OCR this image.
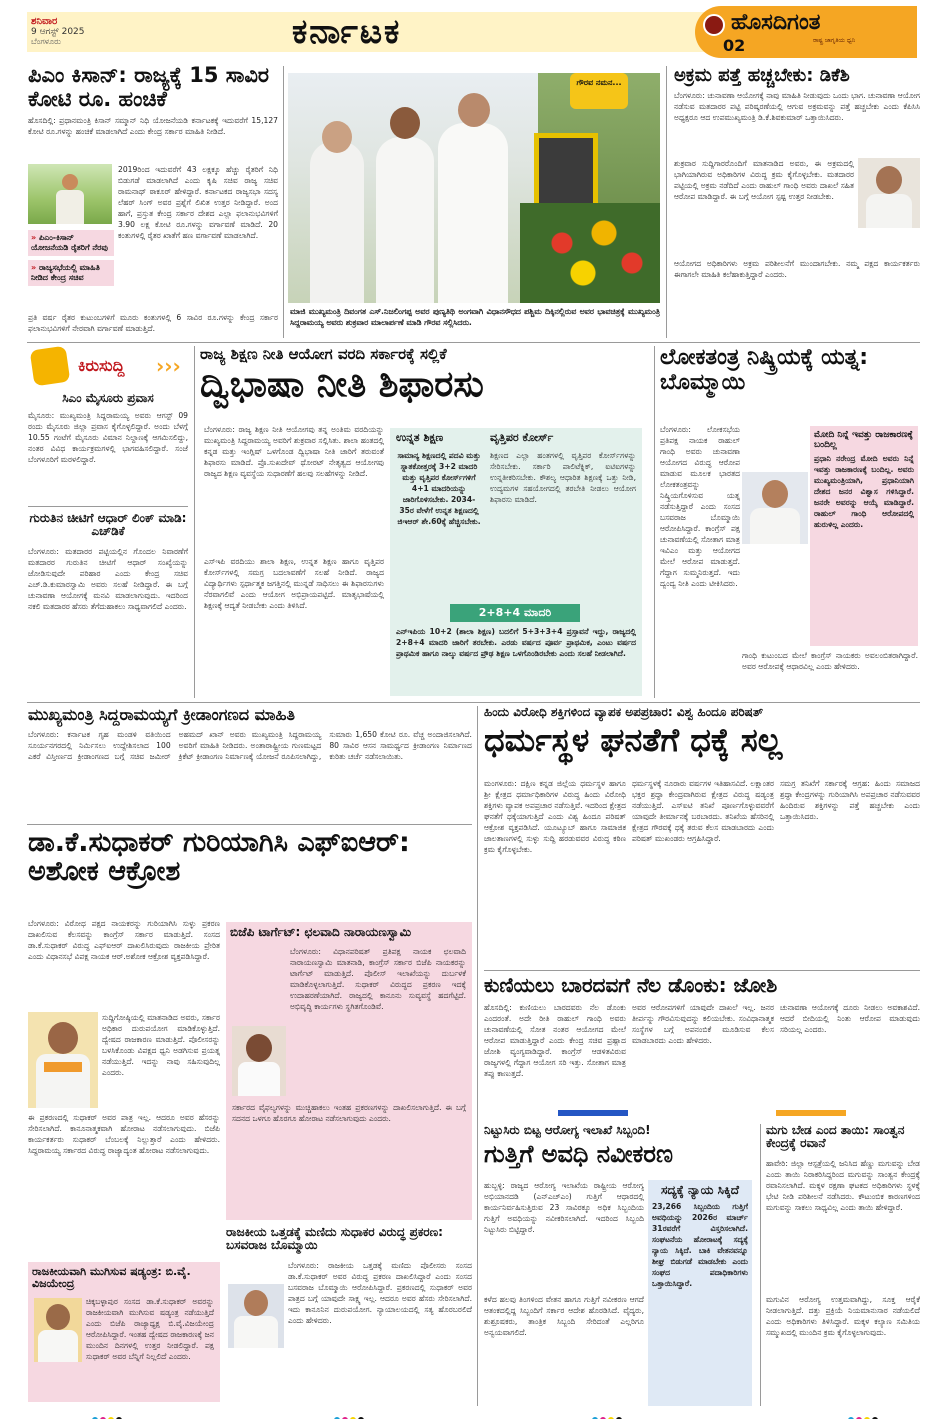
ಶನಿವಾರ
9 ಆಗಸ್ಟ್ 2025
ಬೆಂಗಳೂರು	ಕರ್ನಾಟಕ	ಹೊಸದಿಗಂತ
ರಾಷ್ಟ್ರ ಜಾಗೃತಿಯ ಧ್ವನಿ
02
ಪಿಎಂ ಕಿಸಾನ್: ರಾಜ್ಯಕ್ಕೆ 15 ಸಾವಿರ ಕೋಟಿ ರೂ. ಹಂಚಿಕೆ
ಹೊಸದಿಲ್ಲಿ: ಪ್ರಧಾನಮಂತ್ರಿ ಕಿಸಾನ್ ಸಮ್ಮಾನ್ ನಿಧಿ ಯೋಜನೆಯಡಿ ಕರ್ನಾಟಕಕ್ಕೆ ಇದುವರೆಗೆ 15,127 ಕೋಟಿ ರೂ.ಗಳನ್ನು ಹಂಚಿಕೆ ಮಾಡಲಾಗಿದೆ ಎಂದು ಕೇಂದ್ರ ಸರ್ಕಾರ ಮಾಹಿತಿ ನೀಡಿದೆ.
» ಪಿಎಂ-ಕಿಸಾನ್ ಯೋಜನೆಯಡಿ ರೈತರಿಗೆ ನೆರವು
» ರಾಜ್ಯಸಭೆಯಲ್ಲಿ ಮಾಹಿತಿ ನೀಡಿದ ಕೇಂದ್ರ ಸಚಿವ
2019ರಿಂದ ಇದುವರೆಗೆ 43 ಲಕ್ಷಕ್ಕೂ ಹೆಚ್ಚು ರೈತರಿಗೆ ನಿಧಿ ಬಿಡುಗಡೆ ಮಾಡಲಾಗಿದೆ ಎಂದು ಕೃಷಿ ಸಚಿವ ರಾಜ್ಯ ಸಚಿವ ರಾಮನಾಥ್ ಠಾಕೂರ್ ಹೇಳಿದ್ದಾರೆ. ಕರ್ನಾಟಕದ ರಾಜ್ಯಸಭಾ ಸದಸ್ಯ ಲೆಹರ್ ಸಿಂಗ್ ಅವರ ಪ್ರಶ್ನೆಗೆ ಲಿಖಿತ ಉತ್ತರ ನೀಡಿದ್ದಾರೆ. ಅಂದ ಹಾಗೆ, ಪ್ರಸ್ತುತ ಕೇಂದ್ರ ಸರ್ಕಾರ ದೇಶದ ಎಲ್ಲಾ ಫಲಾನುಭವಿಗಳಿಗೆ 3.90 ಲಕ್ಷ ಕೋಟಿ ರೂ.ಗಳನ್ನು ವರ್ಗಾವಣೆ ಮಾಡಿದೆ. 20 ಕಂತುಗಳಲ್ಲಿ ರೈತರ ಖಾತೆಗೆ ಹಣ ವರ್ಗಾವಣೆ ಮಾಡಲಾಗಿದೆ.
ಪ್ರತಿ ವರ್ಷ ರೈತರ ಕುಟುಂಬಗಳಿಗೆ ಮೂರು ಕಂತುಗಳಲ್ಲಿ 6 ಸಾವಿರ ರೂ.ಗಳನ್ನು ಕೇಂದ್ರ ಸರ್ಕಾರ ಫಲಾನುಭವಿಗಳಿಗೆ ನೇರವಾಗಿ ವರ್ಗಾವಣೆ ಮಾಡುತ್ತಿದೆ.
ಗೌರವ ನಮನ...
ಮಾಜಿ ಮುಖ್ಯಮಂತ್ರಿ ದಿವಂಗತ ಎಸ್.ನಿಜಲಿಂಗಪ್ಪ ಅವರ ಪುಣ್ಯತಿಥಿ ಅಂಗವಾಗಿ ವಿಧಾನಸೌಧದ ಪಶ್ಚಿಮ ದಿಕ್ಕಿನಲ್ಲಿರುವ ಅವರ ಭಾವಚಿತ್ರಕ್ಕೆ ಮುಖ್ಯಮಂತ್ರಿ ಸಿದ್ದರಾಮಯ್ಯ ಅವರು ಶುಕ್ರವಾರ ಮಾಲಾರ್ಪಣೆ ಮಾಡಿ ಗೌರವ ಸಲ್ಲಿಸಿದರು.
ಅಕ್ರಮ ಪತ್ತೆ ಹಚ್ಚಬೇಕು: ಡಿಕೆಶಿ
ಬೆಂಗಳೂರು: ಚುನಾವಣಾ ಆಯೋಗಕ್ಕೆ ನಾವು ಮಾಹಿತಿ ನೀಡುವುದು ಒಂದು ಭಾಗ. ಚುನಾವಣಾ ಆಯೋಗ ನಡೆಸುವ ಮತದಾರರ ಪಟ್ಟಿ ಪರಿಷ್ಕರಣೆಯಲ್ಲಿ ಆಗುವ ಅಕ್ರಮವನ್ನು ಪತ್ತೆ ಹಚ್ಚಬೇಕು ಎಂದು ಕೆಪಿಸಿಸಿ ಅಧ್ಯಕ್ಷರೂ ಆದ ಉಪಮುಖ್ಯಮಂತ್ರಿ ಡಿ.ಕೆ.ಶಿವಕುಮಾರ್ ಒತ್ತಾಯಿಸಿದರು.
ಶುಕ್ರವಾರ ಸುದ್ದಿಗಾರರೊಂದಿಗೆ ಮಾತನಾಡಿದ ಅವರು, ಈ ಅಕ್ರಮದಲ್ಲಿ ಭಾಗಿಯಾಗಿರುವ ಅಧಿಕಾರಿಗಳ ವಿರುದ್ಧ ಕ್ರಮ ಕೈಗೊಳ್ಳಬೇಕು. ಮತದಾರರ ಪಟ್ಟಿಯಲ್ಲಿ ಅಕ್ರಮ ನಡೆದಿದೆ ಎಂದು ರಾಹುಲ್ ಗಾಂಧಿ ಅವರು ದಾಖಲೆ ಸಹಿತ ಆರೋಪ ಮಾಡಿದ್ದಾರೆ. ಈ ಬಗ್ಗೆ ಆಯೋಗ ಸ್ಪಷ್ಟ ಉತ್ತರ ನೀಡಬೇಕು.
ಆಯೋಗದ ಅಧಿಕಾರಿಗಳು ಅಕ್ರಮ ಪರಿಶೀಲನೆಗೆ ಮುಂದಾಗಬೇಕು. ನಮ್ಮ ಪಕ್ಷದ ಕಾರ್ಯಕರ್ತರು ಈಗಾಗಲೇ ಮಾಹಿತಿ ಕಲೆಹಾಕುತ್ತಿದ್ದಾರೆ ಎಂದರು.
ಕಿರುಸುದ್ದಿ ›››
ಸಿಎಂ ಮೈಸೂರು ಪ್ರವಾಸ
ಮೈಸೂರು: ಮುಖ್ಯಮಂತ್ರಿ ಸಿದ್ದರಾಮಯ್ಯ ಅವರು ಆಗಸ್ಟ್ 09 ರಂದು ಮೈಸೂರು ಜಿಲ್ಲಾ ಪ್ರವಾಸ ಕೈಗೊಳ್ಳಲಿದ್ದಾರೆ. ಅಂದು ಬೆಳಗ್ಗೆ 10.55 ಗಂಟೆಗೆ ಮೈಸೂರು ವಿಮಾನ ನಿಲ್ದಾಣಕ್ಕೆ ಆಗಮಿಸಲಿದ್ದು, ನಂತರ ವಿವಿಧ ಕಾರ್ಯಕ್ರಮಗಳಲ್ಲಿ ಭಾಗವಹಿಸಲಿದ್ದಾರೆ. ಸಂಜೆ ಬೆಂಗಳೂರಿಗೆ ಮರಳಲಿದ್ದಾರೆ.
ಗುರುತಿನ ಚೀಟಿಗೆ ಆಧಾರ್ ಲಿಂಕ್ ಮಾಡಿ: ಎಚ್‌ಡಿಕೆ
ಬೆಂಗಳೂರು: ಮತದಾರರ ಪಟ್ಟಿಯಲ್ಲಿನ ಗೊಂದಲ ನಿವಾರಣೆಗೆ ಮತದಾರರ ಗುರುತಿನ ಚೀಟಿಗೆ ಆಧಾರ್ ಸಂಖ್ಯೆಯನ್ನು ಜೋಡಿಸುವುದೇ ಪರಿಹಾರ ಎಂದು ಕೇಂದ್ರ ಸಚಿವ ಎಚ್.ಡಿ.ಕುಮಾರಸ್ವಾಮಿ ಅವರು ಸಲಹೆ ನೀಡಿದ್ದಾರೆ. ಈ ಬಗ್ಗೆ ಚುನಾವಣಾ ಆಯೋಗಕ್ಕೆ ಮನವಿ ಮಾಡಲಾಗುವುದು. ಇದರಿಂದ ನಕಲಿ ಮತದಾರರ ಹೆಸರು ತೆಗೆದುಹಾಕಲು ಸಾಧ್ಯವಾಗಲಿದೆ ಎಂದರು.
ರಾಜ್ಯ ಶಿಕ್ಷಣ ನೀತಿ ಆಯೋಗ ವರದಿ ಸರ್ಕಾರಕ್ಕೆ ಸಲ್ಲಿಕೆ
ದ್ವಿಭಾಷಾ ನೀತಿ ಶಿಫಾರಸು
ಬೆಂಗಳೂರು: ರಾಜ್ಯ ಶಿಕ್ಷಣ ನೀತಿ ಆಯೋಗವು ತನ್ನ ಅಂತಿಮ ವರದಿಯನ್ನು ಮುಖ್ಯಮಂತ್ರಿ ಸಿದ್ದರಾಮಯ್ಯ ಅವರಿಗೆ ಶುಕ್ರವಾರ ಸಲ್ಲಿಸಿತು. ಶಾಲಾ ಹಂತದಲ್ಲಿ ಕನ್ನಡ ಮತ್ತು ಇಂಗ್ಲಿಷ್ ಒಳಗೊಂಡ ದ್ವಿಭಾಷಾ ನೀತಿ ಜಾರಿಗೆ ತರುವಂತೆ ಶಿಫಾರಸು ಮಾಡಿದೆ. ಪ್ರೊ.ಸುಖದೇವ್ ಥೋರಟ್ ನೇತೃತ್ವದ ಆಯೋಗವು ರಾಜ್ಯದ ಶಿಕ್ಷಣ ವ್ಯವಸ್ಥೆಯ ಸುಧಾರಣೆಗೆ ಹಲವು ಸಲಹೆಗಳನ್ನು ನೀಡಿದೆ.
ಎಸ್‌ಇಪಿ ವರದಿಯು ಶಾಲಾ ಶಿಕ್ಷಣ, ಉನ್ನತ ಶಿಕ್ಷಣ ಹಾಗೂ ವೃತ್ತಿಪರ ಕೋರ್ಸ್‌ಗಳಲ್ಲಿ ಸಮಗ್ರ ಬದಲಾವಣೆಗೆ ಸಲಹೆ ನೀಡಿದೆ. ರಾಜ್ಯದ ವಿದ್ಯಾರ್ಥಿಗಳು ಸ್ಪರ್ಧಾತ್ಮಕ ಜಗತ್ತಿನಲ್ಲಿ ಮುನ್ನಡೆ ಸಾಧಿಸಲು ಈ ಶಿಫಾರಸುಗಳು ನೆರವಾಗಲಿವೆ ಎಂದು ಆಯೋಗ ಅಭಿಪ್ರಾಯಪಟ್ಟಿದೆ. ಮಾತೃಭಾಷೆಯಲ್ಲಿ ಶಿಕ್ಷಣಕ್ಕೆ ಆದ್ಯತೆ ನೀಡಬೇಕು ಎಂದು ತಿಳಿಸಿದೆ.
ಉನ್ನತ ಶಿಕ್ಷಣ
ಸಾಮಾನ್ಯ ಶಿಕ್ಷಣದಲ್ಲಿ ಪದವಿ ಮತ್ತು ಸ್ನಾತಕೋತ್ತರಕ್ಕೆ 3+2 ಮಾದರಿ ಮತ್ತು ವೃತ್ತಿಪರ ಕೋರ್ಸ್‌ಗಳಿಗೆ 4+1 ಮಾದರಿಯನ್ನು ಜಾರಿಗೊಳಿಸಬೇಕು. 2034-35ರ ವೇಳೆಗೆ ಉನ್ನತ ಶಿಕ್ಷಣದಲ್ಲಿ ಜಿಇಆರ್ ಶೇ.60ಕ್ಕೆ ಹೆಚ್ಚಿಸಬೇಕು.
ವೃತ್ತಿಪರ ಕೋರ್ಸ್
ಶಿಕ್ಷಣದ ಎಲ್ಲಾ ಹಂತಗಳಲ್ಲಿ ವೃತ್ತಿಪರ ಕೋರ್ಸ್‌ಗಳನ್ನು ಸೇರಿಸಬೇಕು. ಸರ್ಕಾರಿ ಪಾಲಿಟೆಕ್ನಿಕ್, ಐಟಿಐಗಳನ್ನು ಉನ್ನತೀಕರಿಸಬೇಕು. ಕೌಶಲ್ಯ ಆಧಾರಿತ ಶಿಕ್ಷಣಕ್ಕೆ ಒತ್ತು ನೀಡಿ, ಉದ್ಯಮಗಳ ಸಹಯೋಗದಲ್ಲಿ ತರಬೇತಿ ನೀಡಲು ಆಯೋಗ ಶಿಫಾರಸು ಮಾಡಿದೆ.
2+8+4 ಮಾದರಿ
ಎನ್‌ಇಪಿಯ 10+2 (ಶಾಲಾ ಶಿಕ್ಷಣ) ಬದಲಿಗೆ 5+3+3+4 ಪ್ರಸ್ತಾವನೆ ಇದ್ದು, ರಾಜ್ಯದಲ್ಲಿ 2+8+4 ಮಾದರಿ ಜಾರಿಗೆ ತರಬೇಕು. ಎರಡು ವರ್ಷದ ಪೂರ್ವ ಪ್ರಾಥಮಿಕ, ಎಂಟು ವರ್ಷದ ಪ್ರಾಥಮಿಕ ಹಾಗೂ ನಾಲ್ಕು ವರ್ಷದ ಪ್ರೌಢ ಶಿಕ್ಷಣ ಒಳಗೊಂಡಿರಬೇಕು ಎಂದು ಸಲಹೆ ನೀಡಲಾಗಿದೆ.
ಲೋಕತಂತ್ರ ನಿಷ್ಕ್ರಿಯಕ್ಕೆ ಯತ್ನ: ಬೊಮ್ಮಾಯಿ
ಬೆಂಗಳೂರು: ಲೋಕಸಭೆಯ ಪ್ರತಿಪಕ್ಷ ನಾಯಕ ರಾಹುಲ್ ಗಾಂಧಿ ಅವರು ಚುನಾವಣಾ ಆಯೋಗದ ವಿರುದ್ಧ ಆರೋಪ ಮಾಡುವ ಮೂಲಕ ಭಾರತದ ಲೋಕತಂತ್ರವನ್ನು ನಿಷ್ಕ್ರಿಯಗೊಳಿಸುವ ಯತ್ನ ನಡೆಸುತ್ತಿದ್ದಾರೆ ಎಂದು ಸಂಸದ ಬಸವರಾಜ ಬೊಮ್ಮಾಯಿ ಆರೋಪಿಸಿದ್ದಾರೆ. ಕಾಂಗ್ರೆಸ್ ಪಕ್ಷ ಚುನಾವಣೆಯಲ್ಲಿ ಸೋತಾಗ ಮಾತ್ರ ಇವಿಎಂ ಮತ್ತು ಆಯೋಗದ ಮೇಲೆ ಆರೋಪ ಮಾಡುತ್ತದೆ. ಗೆದ್ದಾಗ ಸುಮ್ಮನಿರುತ್ತದೆ. ಇದು ದ್ವಂದ್ವ ನೀತಿ ಎಂದು ಟೀಕಿಸಿದರು.
ಮೋದಿ ನಿನ್ನೆ ಇವತ್ತು ರಾಜಕಾರಣಕ್ಕೆ ಬಂದಿಲ್ಲ
ಪ್ರಧಾನಿ ನರೇಂದ್ರ ಮೋದಿ ಅವರು ನಿನ್ನೆ ಇವತ್ತು ರಾಜಕಾರಣಕ್ಕೆ ಬಂದಿಲ್ಲ. ಅವರು ಮುಖ್ಯಮಂತ್ರಿಯಾಗಿ, ಪ್ರಧಾನಿಯಾಗಿ ದೇಶದ ಜನರ ವಿಶ್ವಾಸ ಗಳಿಸಿದ್ದಾರೆ. ಜನರೇ ಅವರನ್ನು ಆಯ್ಕೆ ಮಾಡಿದ್ದಾರೆ. ರಾಹುಲ್ ಗಾಂಧಿ ಆರೋಪದಲ್ಲಿ ಹುರುಳಿಲ್ಲ ಎಂದರು.
ಗಾಂಧಿ ಕುಟುಂಬದ ಮೇಲೆ ಕಾಂಗ್ರೆಸ್ ನಾಯಕರು ಅವಲಂಬಿತರಾಗಿದ್ದಾರೆ. ಅವರ ಆರೋಪಕ್ಕೆ ಆಧಾರವಿಲ್ಲ ಎಂದು ಹೇಳಿದರು.
ಮುಖ್ಯಮಂತ್ರಿ ಸಿದ್ದರಾಮಯ್ಯಗೆ ಕ್ರೀಡಾಂಗಣದ ಮಾಹಿತಿ
ಬೆಂಗಳೂರು: ಕರ್ನಾಟಕ ಗೃಹ ಮಂಡಳಿ ವತಿಯಿಂದ ಸೂರ್ಯನಗರದಲ್ಲಿ ನಿರ್ಮಿಸಲು ಉದ್ದೇಶಿಸಲಾದ 100 ಎಕರೆ ವಿಸ್ತೀರ್ಣದ ಕ್ರೀಡಾಂಗಣದ ಬಗ್ಗೆ ಸಚಿವ ಜಮೀರ್ ಅಹಮದ್ ಖಾನ್ ಅವರು ಮುಖ್ಯಮಂತ್ರಿ ಸಿದ್ದರಾಮಯ್ಯ ಅವರಿಗೆ ಮಾಹಿತಿ ನೀಡಿದರು. ಅಂತಾರಾಷ್ಟ್ರೀಯ ಗುಣಮಟ್ಟದ ಕ್ರಿಕೆಟ್ ಕ್ರೀಡಾಂಗಣ ನಿರ್ಮಾಣಕ್ಕೆ ಯೋಜನೆ ರೂಪಿಸಲಾಗಿದ್ದು, ಸುಮಾರು 1,650 ಕೋಟಿ ರೂ. ವೆಚ್ಚ ಅಂದಾಜಿಸಲಾಗಿದೆ. 80 ಸಾವಿರ ಆಸನ ಸಾಮರ್ಥ್ಯದ ಕ್ರೀಡಾಂಗಣ ನಿರ್ಮಾಣದ ಕುರಿತು ಚರ್ಚೆ ನಡೆಸಲಾಯಿತು.
ಡಾ.ಕೆ.ಸುಧಾಕರ್ ಗುರಿಯಾಗಿಸಿ ಎಫ್‌ಐಆರ್: ಅಶೋಕ ಆಕ್ರೋಶ
ಬೆಂಗಳೂರು: ವಿರೋಧ ಪಕ್ಷದ ನಾಯಕರನ್ನು ಗುರಿಯಾಗಿಸಿ ಸುಳ್ಳು ಪ್ರಕರಣ ದಾಖಲಿಸುವ ಕೆಲಸವನ್ನು ಕಾಂಗ್ರೆಸ್ ಸರ್ಕಾರ ಮಾಡುತ್ತಿದೆ. ಸಂಸದ ಡಾ.ಕೆ.ಸುಧಾಕರ್ ವಿರುದ್ಧ ಎಫ್‌ಐಆರ್ ದಾಖಲಿಸಿರುವುದು ರಾಜಕೀಯ ಪ್ರೇರಿತ ಎಂದು ವಿಧಾನಸಭೆ ವಿಪಕ್ಷ ನಾಯಕ ಆರ್.ಅಶೋಕ ಆಕ್ರೋಶ ವ್ಯಕ್ತಪಡಿಸಿದ್ದಾರೆ.
ಸುದ್ದಿಗೋಷ್ಠಿಯಲ್ಲಿ ಮಾತನಾಡಿದ ಅವರು, ಸರ್ಕಾರ ಅಧಿಕಾರ ದುರುಪಯೋಗ ಮಾಡಿಕೊಳ್ಳುತ್ತಿದೆ. ದ್ವೇಷದ ರಾಜಕಾರಣ ಮಾಡುತ್ತಿದೆ. ಪೊಲೀಸರನ್ನು ಬಳಸಿಕೊಂಡು ವಿಪಕ್ಷದ ಧ್ವನಿ ಅಡಗಿಸುವ ಪ್ರಯತ್ನ ನಡೆಯುತ್ತಿದೆ. ಇದನ್ನು ನಾವು ಸಹಿಸುವುದಿಲ್ಲ ಎಂದರು.
ಈ ಪ್ರಕರಣದಲ್ಲಿ ಸುಧಾಕರ್ ಅವರ ಪಾತ್ರ ಇಲ್ಲ. ಆದರೂ ಅವರ ಹೆಸರನ್ನು ಸೇರಿಸಲಾಗಿದೆ. ಕಾನೂನಾತ್ಮಕವಾಗಿ ಹೋರಾಟ ನಡೆಸಲಾಗುವುದು. ಬಿಜೆಪಿ ಕಾರ್ಯಕರ್ತರು ಸುಧಾಕರ್ ಬೆಂಬಲಕ್ಕೆ ನಿಲ್ಲುತ್ತಾರೆ ಎಂದು ಹೇಳಿದರು. ಸಿದ್ದರಾಮಯ್ಯ ಸರ್ಕಾರದ ವಿರುದ್ಧ ರಾಜ್ಯಾದ್ಯಂತ ಹೋರಾಟ ನಡೆಸಲಾಗುವುದು.
ಬಿಜೆಪಿ ಟಾರ್ಗೆಟ್: ಛಲವಾದಿ ನಾರಾಯಣಸ್ವಾಮಿ
ಬೆಂಗಳೂರು: ವಿಧಾನಪರಿಷತ್ ಪ್ರತಿಪಕ್ಷ ನಾಯಕ ಛಲವಾದಿ ನಾರಾಯಣಸ್ವಾಮಿ ಮಾತನಾಡಿ, ಕಾಂಗ್ರೆಸ್ ಸರ್ಕಾರ ಬಿಜೆಪಿ ನಾಯಕರನ್ನು ಟಾರ್ಗೆಟ್ ಮಾಡುತ್ತಿದೆ. ಪೊಲೀಸ್ ಇಲಾಖೆಯನ್ನು ದುರ್ಬಳಕೆ ಮಾಡಿಕೊಳ್ಳಲಾಗುತ್ತಿದೆ. ಸುಧಾಕರ್ ವಿರುದ್ಧದ ಪ್ರಕರಣ ಇದಕ್ಕೆ ಉದಾಹರಣೆಯಾಗಿದೆ. ರಾಜ್ಯದಲ್ಲಿ ಕಾನೂನು ಸುವ್ಯವಸ್ಥೆ ಹದಗೆಟ್ಟಿದೆ. ಅಭಿವೃದ್ಧಿ ಕಾರ್ಯಗಳು ಸ್ಥಗಿತಗೊಂಡಿವೆ.
ಸರ್ಕಾರದ ವೈಫಲ್ಯಗಳನ್ನು ಮುಚ್ಚಿಹಾಕಲು ಇಂತಹ ಪ್ರಕರಣಗಳನ್ನು ದಾಖಲಿಸಲಾಗುತ್ತಿದೆ. ಈ ಬಗ್ಗೆ ಸದನದ ಒಳಗೂ ಹೊರಗೂ ಹೋರಾಟ ನಡೆಸಲಾಗುವುದು ಎಂದರು.
ರಾಜಕೀಯವಾಗಿ ಮುಗಿಸುವ ಷಡ್ಯಂತ್ರ: ಬಿ.ವೈ. ವಿಜಯೇಂದ್ರ
ಚಿಕ್ಕಬಳ್ಳಾಪುರ ಸಂಸದ ಡಾ.ಕೆ.ಸುಧಾಕರ್ ಅವರನ್ನು ರಾಜಕೀಯವಾಗಿ ಮುಗಿಸುವ ಷಡ್ಯಂತ್ರ ನಡೆಯುತ್ತಿದೆ ಎಂದು ಬಿಜೆಪಿ ರಾಜ್ಯಾಧ್ಯಕ್ಷ ಬಿ.ವೈ.ವಿಜಯೇಂದ್ರ ಆರೋಪಿಸಿದ್ದಾರೆ. ಇಂತಹ ದ್ವೇಷದ ರಾಜಕಾರಣಕ್ಕೆ ಜನ ಮುಂದಿನ ದಿನಗಳಲ್ಲಿ ಉತ್ತರ ನೀಡಲಿದ್ದಾರೆ. ಪಕ್ಷ ಸುಧಾಕರ್ ಅವರ ಬೆನ್ನಿಗೆ ನಿಲ್ಲಲಿದೆ ಎಂದರು.
ರಾಜಕೀಯ ಒತ್ತಡಕ್ಕೆ ಮಣಿದು ಸುಧಾಕರ ವಿರುದ್ಧ ಪ್ರಕರಣ: ಬಸವರಾಜ ಬೊಮ್ಮಾಯಿ
ಬೆಂಗಳೂರು: ರಾಜಕೀಯ ಒತ್ತಡಕ್ಕೆ ಮಣಿದು ಪೊಲೀಸರು ಸಂಸದ ಡಾ.ಕೆ.ಸುಧಾಕರ್ ಅವರ ವಿರುದ್ಧ ಪ್ರಕರಣ ದಾಖಲಿಸಿದ್ದಾರೆ ಎಂದು ಸಂಸದ ಬಸವರಾಜ ಬೊಮ್ಮಾಯಿ ಆರೋಪಿಸಿದ್ದಾರೆ. ಪ್ರಕರಣದಲ್ಲಿ ಸುಧಾಕರ್ ಅವರ ಪಾತ್ರದ ಬಗ್ಗೆ ಯಾವುದೇ ಸಾಕ್ಷ್ಯ ಇಲ್ಲ. ಆದರೂ ಅವರ ಹೆಸರು ಸೇರಿಸಲಾಗಿದೆ. ಇದು ಕಾನೂನಿನ ದುರುಪಯೋಗ. ನ್ಯಾಯಾಲಯದಲ್ಲಿ ಸತ್ಯ ಹೊರಬರಲಿದೆ ಎಂದು ಹೇಳಿದರು.
ಹಿಂದು ವಿರೋಧಿ ಶಕ್ತಿಗಳಿಂದ ವ್ಯಾಪಕ ಅಪಪ್ರಚಾರ: ವಿಶ್ವ ಹಿಂದೂ ಪರಿಷತ್
ಧರ್ಮಸ್ಥಳ ಘನತೆಗೆ ಧಕ್ಕೆ ಸಲ್ಲ
ಮಂಗಳೂರು: ದಕ್ಷಿಣ ಕನ್ನಡ ಜಿಲ್ಲೆಯ ಧರ್ಮಸ್ಥಳ ಹಾಗೂ ಶ್ರೀ ಕ್ಷೇತ್ರದ ಧರ್ಮಾಧಿಕಾರಿಗಳ ವಿರುದ್ಧ ಹಿಂದು ವಿರೋಧಿ ಶಕ್ತಿಗಳು ವ್ಯಾಪಕ ಅಪಪ್ರಚಾರ ನಡೆಸುತ್ತಿವೆ. ಇದರಿಂದ ಕ್ಷೇತ್ರದ ಘನತೆಗೆ ಧಕ್ಕೆಯಾಗುತ್ತಿದೆ ಎಂದು ವಿಶ್ವ ಹಿಂದೂ ಪರಿಷತ್ ಆಕ್ರೋಶ ವ್ಯಕ್ತಪಡಿಸಿದೆ. ಯೂಟ್ಯೂಬ್ ಹಾಗೂ ಸಾಮಾಜಿಕ ಜಾಲತಾಣಗಳಲ್ಲಿ ಸುಳ್ಳು ಸುದ್ದಿ ಹರಡುವವರ ವಿರುದ್ಧ ಕಠಿಣ ಕ್ರಮ ಕೈಗೊಳ್ಳಬೇಕು.
ಧರ್ಮಸ್ಥಳಕ್ಕೆ ನೂರಾರು ವರ್ಷಗಳ ಇತಿಹಾಸವಿದೆ. ಲಕ್ಷಾಂತರ ಭಕ್ತರ ಶ್ರದ್ಧಾ ಕೇಂದ್ರವಾಗಿರುವ ಕ್ಷೇತ್ರದ ವಿರುದ್ಧ ಷಡ್ಯಂತ್ರ ನಡೆಯುತ್ತಿದೆ. ಎಸ್‌ಐಟಿ ತನಿಖೆ ಪೂರ್ಣಗೊಳ್ಳುವವರೆಗೆ ಯಾವುದೇ ತೀರ್ಮಾನಕ್ಕೆ ಬರಬಾರದು. ತನಿಖೆಯ ಹೆಸರಿನಲ್ಲಿ ಕ್ಷೇತ್ರದ ಗೌರವಕ್ಕೆ ಧಕ್ಕೆ ತರುವ ಕೆಲಸ ಮಾಡಬಾರದು ಎಂದು ಪರಿಷತ್ ಮುಖಂಡರು ಆಗ್ರಹಿಸಿದ್ದಾರೆ.
ಸಮಗ್ರ ತನಿಖೆಗೆ ಸರ್ಕಾರಕ್ಕೆ ಆಗ್ರಹ: ಹಿಂದು ಸಮಾಜದ ಶ್ರದ್ಧಾ ಕೇಂದ್ರಗಳನ್ನು ಗುರಿಯಾಗಿಸಿ ಅಪಪ್ರಚಾರ ನಡೆಸುವವರ ಹಿಂದಿರುವ ಶಕ್ತಿಗಳನ್ನು ಪತ್ತೆ ಹಚ್ಚಬೇಕು ಎಂದು ಒತ್ತಾಯಿಸಿದರು.
ಕುಣಿಯಲು ಬಾರದವಗೆ ನೆಲ ಡೊಂಕು: ಜೋಶಿ
ಹೊಸದಿಲ್ಲಿ: ಕುಣಿಯಲು ಬಾರದವರು ನೆಲ ಡೊಂಕು ಎಂದರಂತೆ. ಅದೇ ರೀತಿ ರಾಹುಲ್ ಗಾಂಧಿ ಅವರು ಚುನಾವಣೆಯಲ್ಲಿ ಸೋತ ನಂತರ ಆಯೋಗದ ಮೇಲೆ ಆರೋಪ ಮಾಡುತ್ತಿದ್ದಾರೆ ಎಂದು ಕೇಂದ್ರ ಸಚಿವ ಪ್ರಹ್ಲಾದ ಜೋಶಿ ವ್ಯಂಗ್ಯವಾಡಿದ್ದಾರೆ. ಕಾಂಗ್ರೆಸ್ ಆಡಳಿತವಿರುವ ರಾಜ್ಯಗಳಲ್ಲಿ ಗೆದ್ದಾಗ ಆಯೋಗ ಸರಿ ಇತ್ತು. ಸೋತಾಗ ಮಾತ್ರ ತಪ್ಪು ಕಾಣುತ್ತದೆ.
ಅವರ ಆರೋಪಗಳಿಗೆ ಯಾವುದೇ ದಾಖಲೆ ಇಲ್ಲ. ಜನರ ತೀರ್ಪನ್ನು ಗೌರವಿಸುವುದನ್ನು ಕಲಿಯಬೇಕು. ಸಂವಿಧಾನಾತ್ಮಕ ಸಂಸ್ಥೆಗಳ ಬಗ್ಗೆ ಅಪನಂಬಿಕೆ ಮೂಡಿಸುವ ಕೆಲಸ ಮಾಡಬಾರದು ಎಂದು ಹೇಳಿದರು.
ಚುನಾವಣಾ ಆಯೋಗಕ್ಕೆ ದೂರು ನೀಡಲು ಅವಕಾಶವಿದೆ. ಆದರೆ ಬೀದಿಯಲ್ಲಿ ನಿಂತು ಆರೋಪ ಮಾಡುವುದು ಸರಿಯಲ್ಲ ಎಂದರು.
ನಿಟ್ಟುಸಿರು ಬಿಟ್ಟ ಆರೋಗ್ಯ ಇಲಾಖೆ ಸಿಬ್ಬಂದಿ!
ಗುತ್ತಿಗೆ ಅವಧಿ ನವೀಕರಣ
ಹುಬ್ಬಳ್ಳಿ: ರಾಜ್ಯದ ಆರೋಗ್ಯ ಇಲಾಖೆಯ ರಾಷ್ಟ್ರೀಯ ಆರೋಗ್ಯ ಅಭಿಯಾನದಡಿ (ಎನ್‌ಎಚ್‌ಎಂ) ಗುತ್ತಿಗೆ ಆಧಾರದಲ್ಲಿ ಕಾರ್ಯನಿರ್ವಹಿಸುತ್ತಿರುವ 23 ಸಾವಿರಕ್ಕೂ ಅಧಿಕ ಸಿಬ್ಬಂದಿಯ ಗುತ್ತಿಗೆ ಅವಧಿಯನ್ನು ನವೀಕರಿಸಲಾಗಿದೆ. ಇದರಿಂದ ಸಿಬ್ಬಂದಿ ನಿಟ್ಟುಸಿರು ಬಿಟ್ಟಿದ್ದಾರೆ.
ಕಳೆದ ಹಲವು ತಿಂಗಳಿಂದ ವೇತನ ಹಾಗೂ ಗುತ್ತಿಗೆ ನವೀಕರಣ ಆಗದೆ ಆತಂಕದಲ್ಲಿದ್ದ ಸಿಬ್ಬಂದಿಗೆ ಸರ್ಕಾರ ಆದೇಶ ಹೊರಡಿಸಿದೆ. ವೈದ್ಯರು, ಶುಶ್ರೂಷಕರು, ತಾಂತ್ರಿಕ ಸಿಬ್ಬಂದಿ ಸೇರಿದಂತೆ ಎಲ್ಲರಿಗೂ ಅನ್ವಯವಾಗಲಿದೆ.
ಸದ್ಯಕ್ಕೆ ನ್ಯಾಯ ಸಿಕ್ಕಿದೆ
23,266 ಸಿಬ್ಬಂದಿಯ ಗುತ್ತಿಗೆ ಅವಧಿಯನ್ನು 2026ರ ಮಾರ್ಚ್ 31ರವರೆಗೆ ವಿಸ್ತರಿಸಲಾಗಿದೆ. ಸಂಘಟನೆಯ ಹೋರಾಟಕ್ಕೆ ಸದ್ಯಕ್ಕೆ ನ್ಯಾಯ ಸಿಕ್ಕಿದೆ. ಬಾಕಿ ವೇತನವನ್ನೂ ಶೀಘ್ರ ಬಿಡುಗಡೆ ಮಾಡಬೇಕು ಎಂದು ಸಂಘದ ಪದಾಧಿಕಾರಿಗಳು ಒತ್ತಾಯಿಸಿದ್ದಾರೆ.
ಮಗು ಬೇಡ ಎಂದ ತಾಯಿ: ಸಾಂತ್ವನ ಕೇಂದ್ರಕ್ಕೆ ರವಾನೆ
ಹಾವೇರಿ: ಜಿಲ್ಲಾ ಆಸ್ಪತ್ರೆಯಲ್ಲಿ ಜನಿಸಿದ ಹೆಣ್ಣು ಮಗುವನ್ನು ಬೇಡ ಎಂದು ತಾಯಿ ನಿರಾಕರಿಸಿದ್ದರಿಂದ ಮಗುವನ್ನು ಸಾಂತ್ವನ ಕೇಂದ್ರಕ್ಕೆ ರವಾನಿಸಲಾಗಿದೆ. ಮಕ್ಕಳ ರಕ್ಷಣಾ ಘಟಕದ ಅಧಿಕಾರಿಗಳು ಸ್ಥಳಕ್ಕೆ ಭೇಟಿ ನೀಡಿ ಪರಿಶೀಲನೆ ನಡೆಸಿದರು. ಕೌಟುಂಬಿಕ ಕಾರಣಗಳಿಂದ ಮಗುವನ್ನು ಸಾಕಲು ಸಾಧ್ಯವಿಲ್ಲ ಎಂದು ತಾಯಿ ಹೇಳಿದ್ದಾರೆ.
ಮಗುವಿನ ಆರೋಗ್ಯ ಉತ್ತಮವಾಗಿದ್ದು, ಸೂಕ್ತ ಆರೈಕೆ ನೀಡಲಾಗುತ್ತಿದೆ. ದತ್ತು ಪ್ರಕ್ರಿಯೆ ನಿಯಮಾನುಸಾರ ನಡೆಯಲಿದೆ ಎಂದು ಅಧಿಕಾರಿಗಳು ತಿಳಿಸಿದ್ದಾರೆ. ಮಕ್ಕಳ ಕಲ್ಯಾಣ ಸಮಿತಿಯ ಸಮ್ಮುಖದಲ್ಲಿ ಮುಂದಿನ ಕ್ರಮ ಕೈಗೊಳ್ಳಲಾಗುವುದು.
